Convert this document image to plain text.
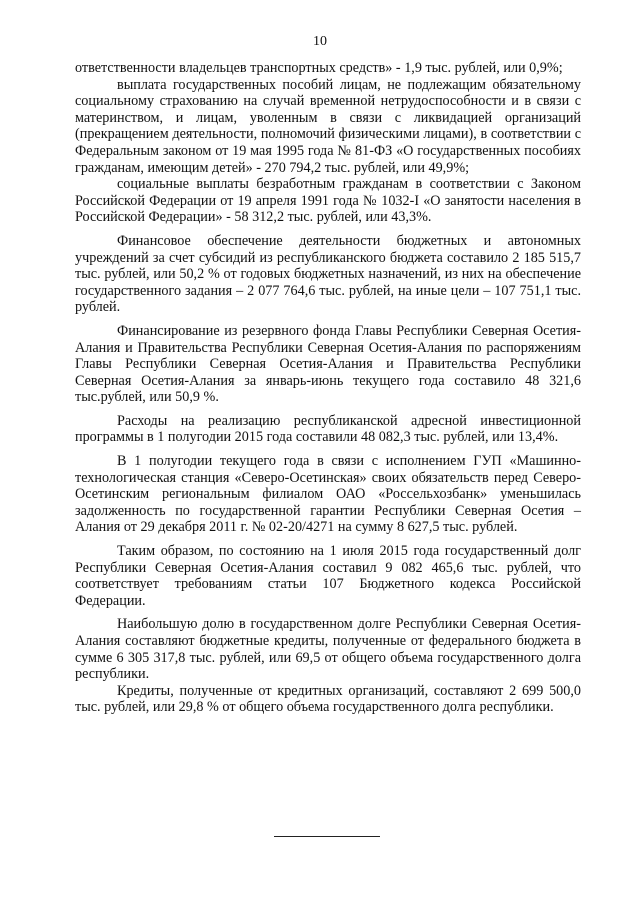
10

ответственности владельцев транспортных средств» - 1,9 тыс. рублей, или 0,9%;

выплата государственных пособий лицам, не подлежащим обязательному социальному страхованию на случай временной нетрудоспособности и в связи с материнством, и лицам, уволенным в связи с ликвидацией организаций (прекращением деятельности, полномочий физическими лицами), в соответствии с Федеральным законом от 19 мая 1995 года № 81-ФЗ «О государственных пособиях гражданам, имеющим детей» - 270 794,2 тыс. рублей, или 49,9%;

социальные выплаты безработным гражданам в соответствии с Законом Российской Федерации от 19 апреля 1991 года № 1032-I «О занятости населения в Российской Федерации» - 58 312,2 тыс. рублей, или 43,3%.

Финансовое обеспечение деятельности бюджетных и автономных учреждений за счет субсидий из республиканского бюджета составило 2 185 515,7 тыс. рублей, или 50,2 % от годовых бюджетных назначений, из них на обеспечение государственного задания – 2 077 764,6 тыс. рублей, на иные цели – 107 751,1 тыс. рублей.

Финансирование из резервного фонда Главы Республики Северная Осетия-Алания и Правительства Республики Северная Осетия-Алания по распоряжениям Главы Республики Северная Осетия-Алания и Правительства Республики Северная Осетия-Алания за январь-июнь текущего года составило 48 321,6 тыс.рублей, или 50,9 %.

Расходы на реализацию республиканской адресной инвестиционной программы в 1 полугодии 2015 года составили 48 082,3 тыс. рублей, или 13,4%.

В 1 полугодии текущего года в связи с исполнением ГУП «Машинно-технологическая станция «Северо-Осетинская» своих обязательств перед Северо-Осетинским региональным филиалом ОАО «Россельхозбанк» уменьшилась задолженность по государственной гарантии Республики Северная Осетия – Алания от 29 декабря 2011 г. № 02-20/4271 на сумму 8 627,5 тыс. рублей.

Таким образом, по состоянию на 1 июля 2015 года государственный долг Республики Северная Осетия-Алания составил 9 082 465,6 тыс. рублей, что соответствует требованиям статьи 107 Бюджетного кодекса Российской Федерации.

Наибольшую долю в государственном долге Республики Северная Осетия-Алания составляют бюджетные кредиты, полученные от федерального бюджета в сумме 6 305 317,8 тыс. рублей, или 69,5 от общего объема государственного долга республики.

Кредиты, полученные от кредитных организаций, составляют 2 699 500,0 тыс. рублей, или 29,8 % от общего объема государственного долга республики.
